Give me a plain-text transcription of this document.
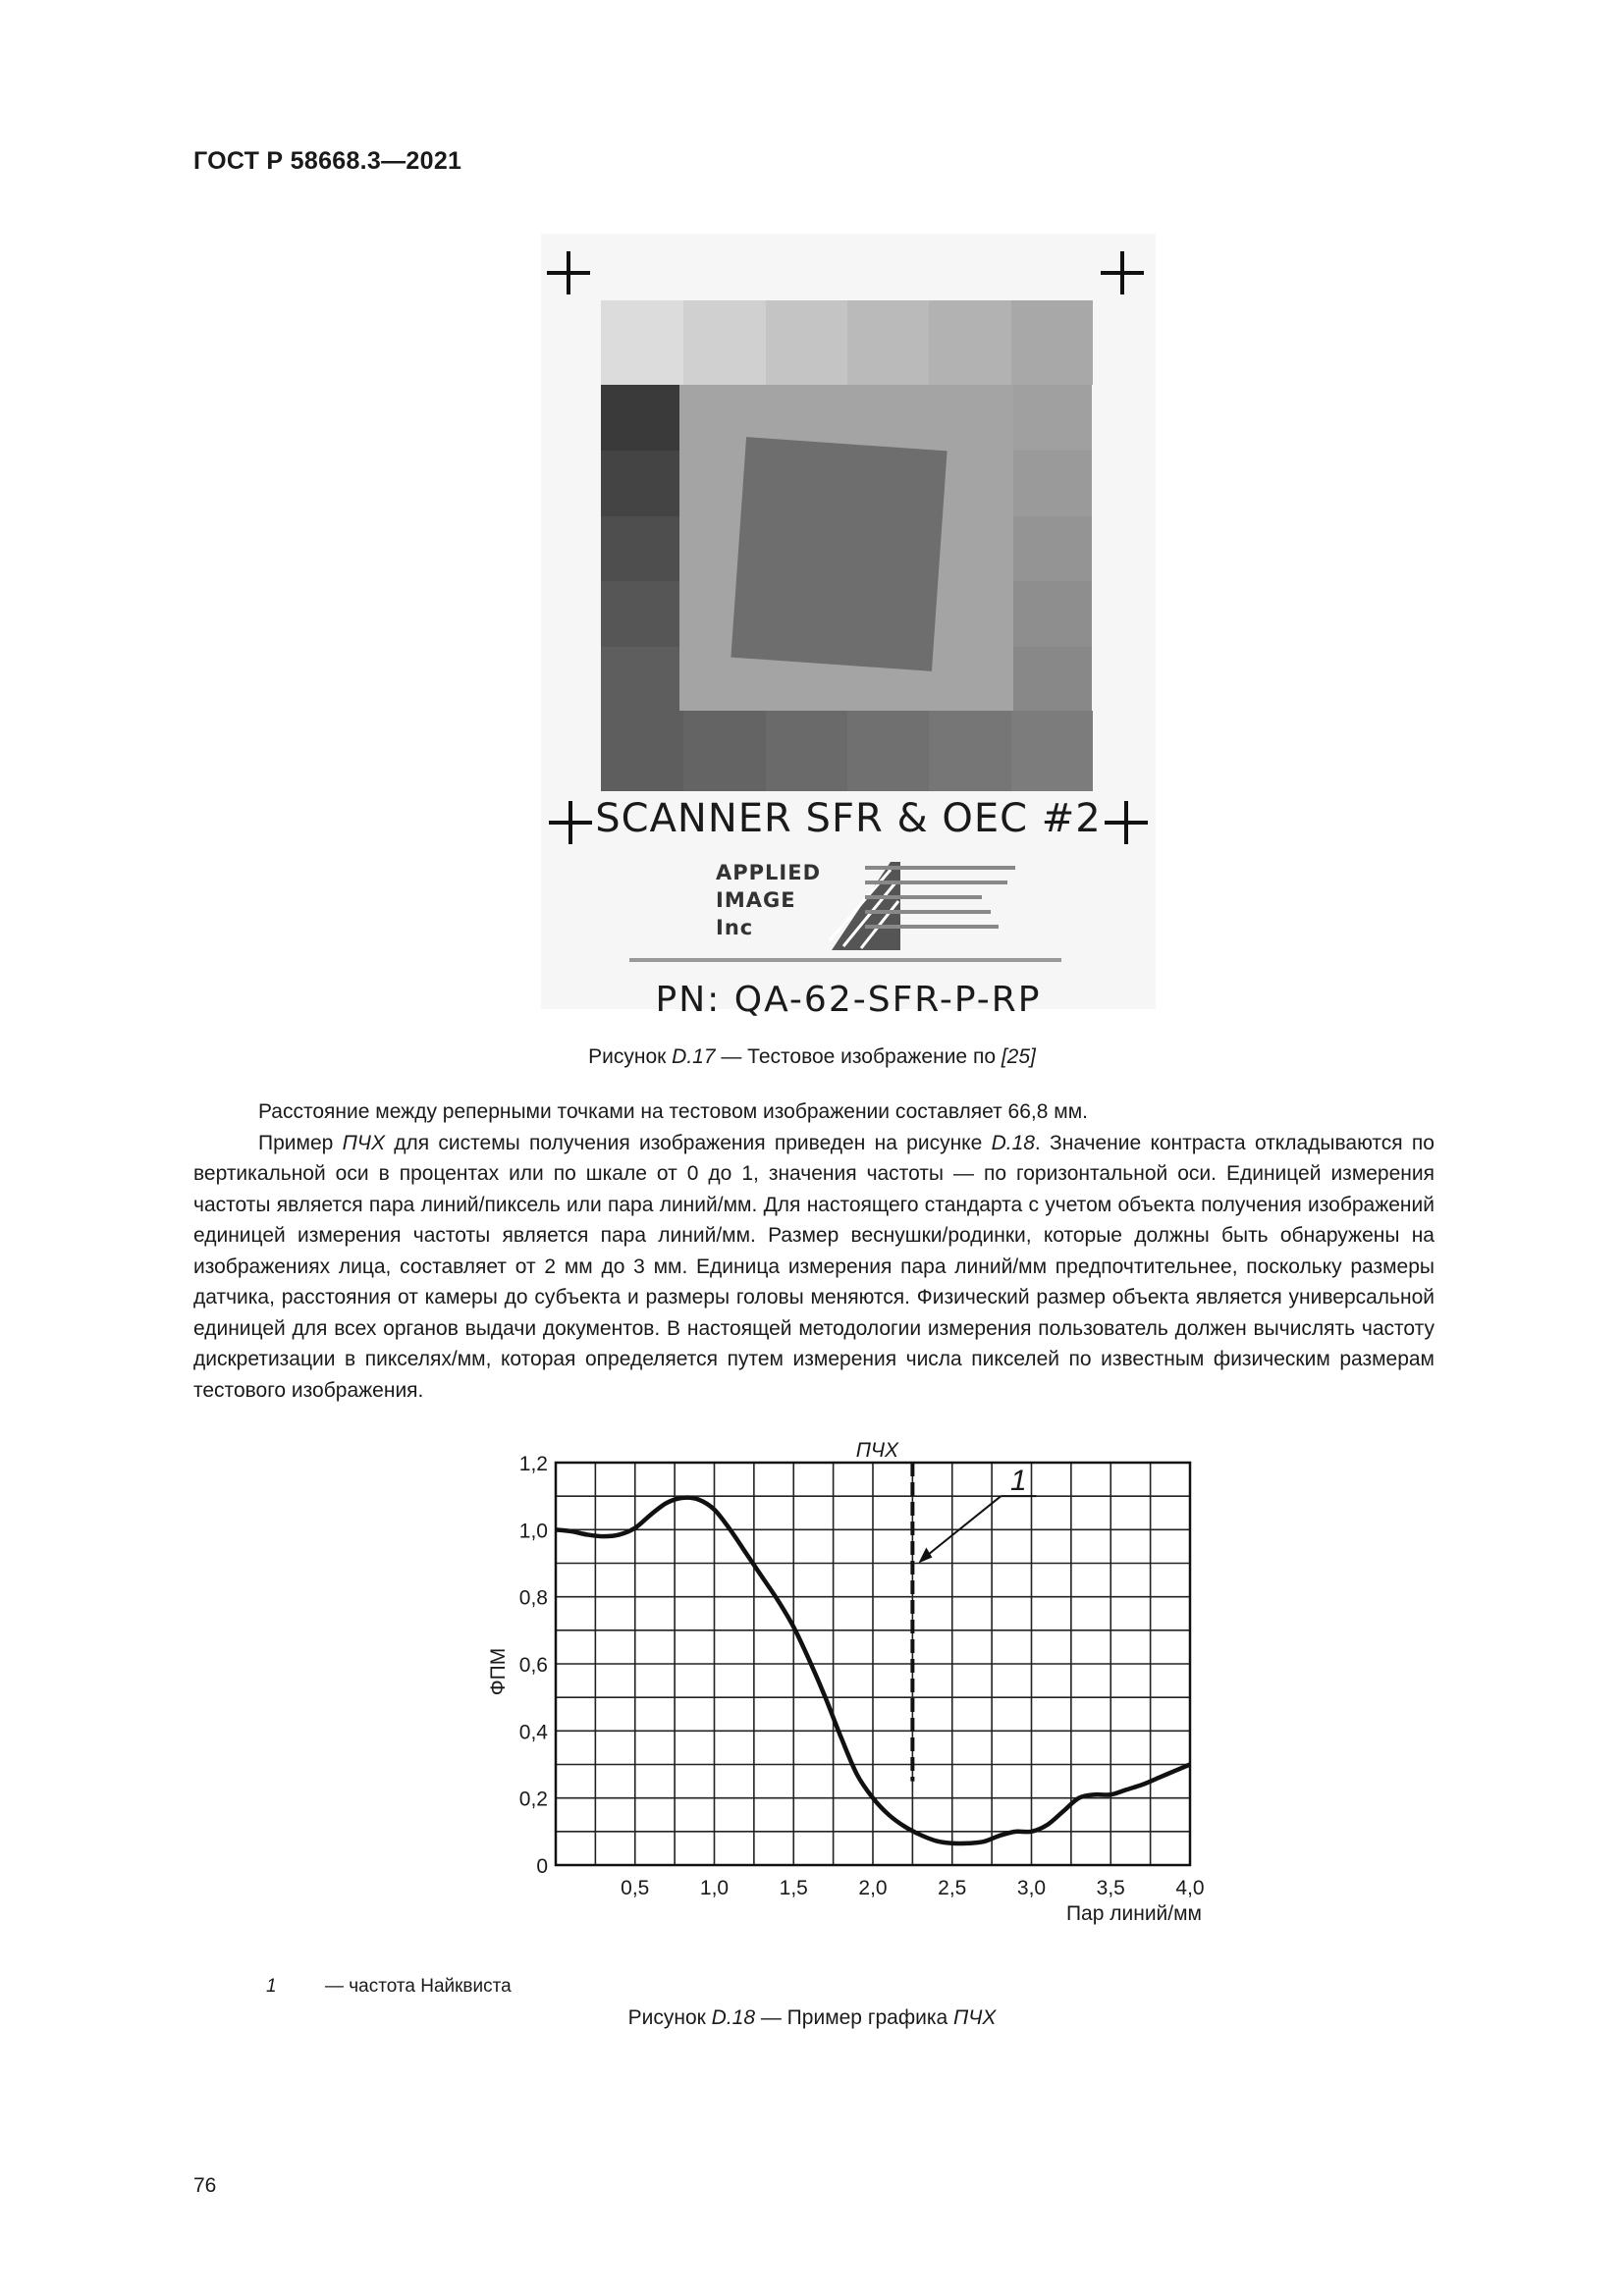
ГОСТ Р 58668.3—2021
SCANNER SFR & OEC #2
APPLIED
IMAGE
Inc
PN: QA-62-SFR-P-RP
Рисунок D.17 — Тестовое изображение по [25]

Расстояние между реперными точками на тестовом изображении составляет 66,8 мм.

Пример ПЧХ для системы получения изображения приведен на рисунке D.18. Значение контраста откладываются по вертикальной оси в процентах или по шкале от 0 до 1, значения частоты — по горизонтальной оси. Единицей измерения частоты является пара линий/пиксель или пара линий/мм. Для настоящего стандарта с учетом объекта получения изображений единицей измерения частоты является пара линий/мм. Размер веснушки/родинки, которые должны быть обнаружены на изображениях лица, составляет от 2 мм до 3 мм. Единица измерения пара линий/мм предпочтительнее, поскольку размеры датчика, расстояния от камеры до субъекта и размеры головы меняются. Физический размер объекта является универсальной единицей для всех органов выдачи документов. В настоящей методологии измерения пользователь должен вычислять частоту дискретизации в пикселях/мм, которая определяется путем измерения числа пикселей по известным физическим размерам тестового изображения.

0,5 1,0 1,5 2,0 2,5 3,0 3,5 4,0
0
0,2
0,4
0,6
0,8
1,0
1,2
Пар линий/мм
ФПМ
ПЧХ
1
1	— частота Найквиста
Рисунок D.18 — Пример графика ПЧХ
76
